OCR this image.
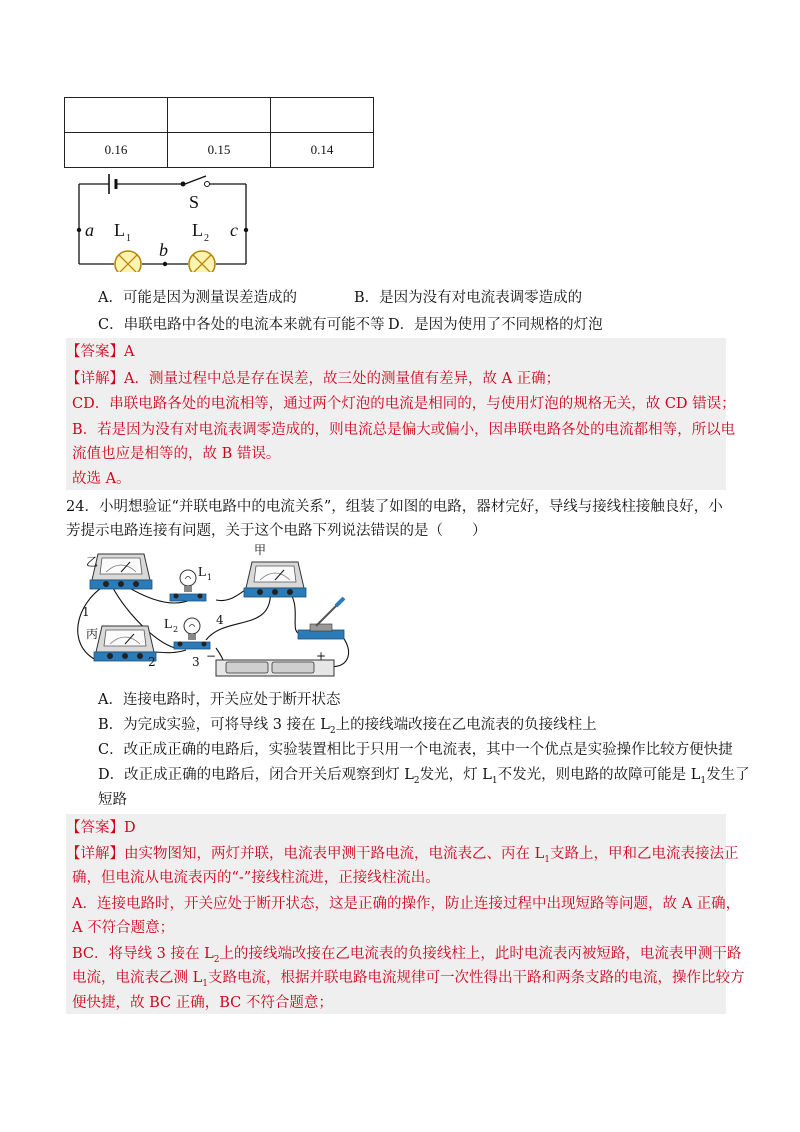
0.16	0.15	0.14
S
a
b
c
L 1	L 2
A．可能是因为测量误差造成的	B．是因为没有对电流表调零造成的
C．串联电路中各处的电流本来就有可能不等 D．是因为使用了不同规格的灯泡
【答案】A
【详解】A．测量过程中总是存在误差，故三处的测量值有差异，故 A 正确；
CD．串联电路各处的电流相等，通过两个灯泡的电流是相同的，与使用灯泡的规格无关，故 CD 错误；
B．若是因为没有对电流表调零造成的，则电流总是偏大或偏小，因串联电路各处的电流都相等，所以电
流值也应是相等的，故 B 错误。
故选 A。
24．小明想验证“并联电路中的电流关系”，组装了如图的电路，器材完好，导线与接线柱接触良好，小
芳提示电路连接有问题，关于这个电路下列说法错误的是（　　）
甲
乙
丙
L 1
L 2
1
2	3
4
−	+
A．连接电路时，开关应处于断开状态
B．为完成实验，可将导线 3 接在 $L_2$上的接线端改接在乙电流表的负接线柱上
C．改正成正确的电路后，实验装置相比于只用一个电流表，其中一个优点是实验操作比较方便快捷
D．改正成正确的电路后，闭合开关后观察到灯 $L_2$发光，灯 $L_1$不发光，则电路的故障可能是 $L_1$发生了
短路
【答案】D
【详解】由实物图知，两灯并联，电流表甲测干路电流，电流表乙、丙在 $L_1$支路上，甲和乙电流表接法正
确，但电流从电流表丙的“-”接线柱流进，正接线柱流出。
A．连接电路时，开关应处于断开状态，这是正确的操作，防止连接过程中出现短路等问题，故 A 正确，
A 不符合题意；
BC．将导线 3 接在 $L_2$上的接线端改接在乙电流表的负接线柱上，此时电流表丙被短路，电流表甲测干路
电流，电流表乙测 $L_1$支路电流，根据并联电路电流规律可一次性得出干路和两条支路的电流，操作比较方
便快捷，故 BC 正确，BC 不符合题意；
